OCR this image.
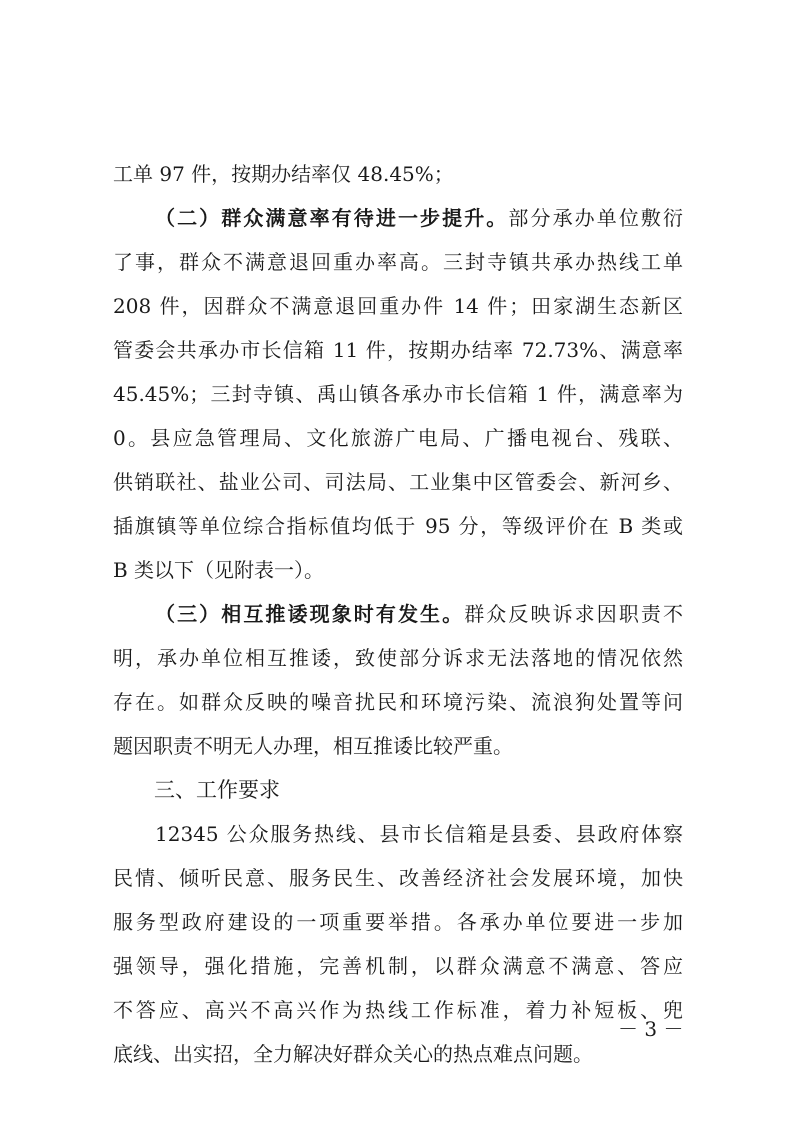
工单 97 件，按期办结率仅 48.45%；
（二）群众满意率有待进一步提升。部分承办单位敷衍
了事，群众不满意退回重办率高。三封寺镇共承办热线工单
208 件，因群众不满意退回重办件 14 件；田家湖生态新区
管委会共承办市长信箱 11 件，按期办结率 72.73%、满意率
45.45%；三封寺镇、禹山镇各承办市长信箱 1 件，满意率为
0。县应急管理局、文化旅游广电局、广播电视台、残联、
供销联社、盐业公司、司法局、工业集中区管委会、新河乡、
插旗镇等单位综合指标值均低于 95 分，等级评价在 B 类或
B 类以下（见附表一）。
（三）相互推诿现象时有发生。群众反映诉求因职责不
明，承办单位相互推诿，致使部分诉求无法落地的情况依然
存在。如群众反映的噪音扰民和环境污染、流浪狗处置等问
题因职责不明无人办理，相互推诿比较严重。
三、工作要求
12345 公众服务热线、县市长信箱是县委、县政府体察
民情、倾听民意、服务民生、改善经济社会发展环境，加快
服务型政府建设的一项重要举措。各承办单位要进一步加
强领导，强化措施，完善机制，以群众满意不满意、答应
不答应、高兴不高兴作为热线工作标准，着力补短板、兜
底线、出实招，全力解决好群众关心的热点难点问题。
－ 3 －
